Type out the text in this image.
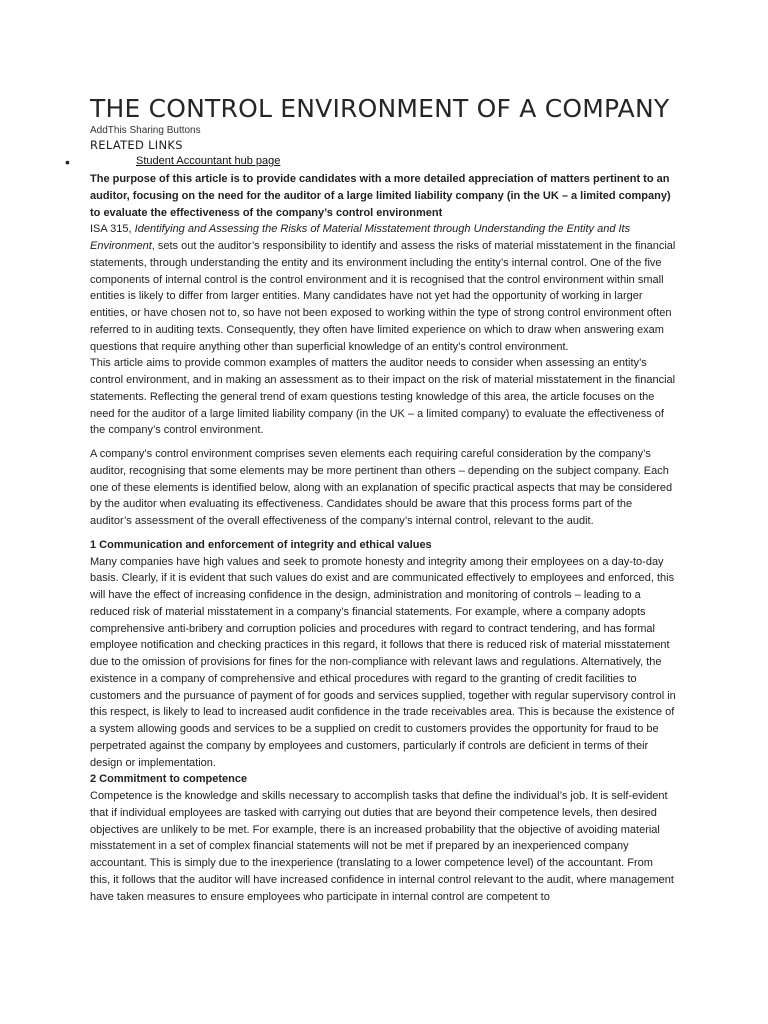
THE CONTROL ENVIRONMENT OF A COMPANY
AddThis Sharing Buttons
RELATED LINKS
•	Student Accountant hub page

The purpose of this article is to provide candidates with a more detailed appreciation of matters pertinent to an auditor, focusing on the need for the auditor of a large limited liability company (in the UK – a limited company) to evaluate the effectiveness of the company’s control environment

ISA 315, Identifying and Assessing the Risks of Material Misstatement through Understanding the Entity and Its Environment, sets out the auditor’s responsibility to identify and assess the risks of material misstatement in the financial statements, through understanding the entity and its environment including the entity’s internal control. One of the five components of internal control is the control environment and it is recognised that the control environment within small entities is likely to differ from larger entities. Many candidates have not yet had the opportunity of working in larger entities, or have chosen not to, so have not been exposed to working within the type of strong control environment often referred to in auditing texts. Consequently, they often have limited experience on which to draw when answering exam questions that require anything other than superficial knowledge of an entity’s control environment.

This article aims to provide common examples of matters the auditor needs to consider when assessing an entity’s control environment, and in making an assessment as to their impact on the risk of material misstatement in the financial statements. Reflecting the general trend of exam questions testing knowledge of this area, the article focuses on the need for the auditor of a large limited liability company (in the UK – a limited company) to evaluate the effectiveness of the company’s control environment.

A company’s control environment comprises seven elements each requiring careful consideration by the company’s auditor, recognising that some elements may be more pertinent than others – depending on the subject company. Each one of these elements is identified below, along with an explanation of specific practical aspects that may be considered by the auditor when evaluating its effectiveness. Candidates should be aware that this process forms part of the auditor’s assessment of the overall effectiveness of the company’s internal control, relevant to the audit.

1 Communication and enforcement of integrity and ethical values

Many companies have high values and seek to promote honesty and integrity among their employees on a day-to-day basis. Clearly, if it is evident that such values do exist and are communicated effectively to employees and enforced, this will have the effect of increasing confidence in the design, administration and monitoring of controls – leading to a reduced risk of material misstatement in a company’s financial statements. For example, where a company adopts comprehensive anti-bribery and corruption policies and procedures with regard to contract tendering, and has formal employee notification and checking practices in this regard, it follows that there is reduced risk of material misstatement due to the omission of provisions for fines for the non-compliance with relevant laws and regulations. Alternatively, the existence in a company of comprehensive and ethical procedures with regard to the granting of credit facilities to customers and the pursuance of payment of for goods and services supplied, together with regular supervisory control in this respect, is likely to lead to increased audit confidence in the trade receivables area. This is because the existence of a system allowing goods and services to be a supplied on credit to customers provides the opportunity for fraud to be perpetrated against the company by employees and customers, particularly if controls are deficient in terms of their design or implementation.

2 Commitment to competence

Competence is the knowledge and skills necessary to accomplish tasks that define the individual’s job. It is self-evident that if individual employees are tasked with carrying out duties that are beyond their competence levels, then desired objectives are unlikely to be met. For example, there is an increased probability that the objective of avoiding material misstatement in a set of complex financial statements will not be met if prepared by an inexperienced company accountant. This is simply due to the inexperience (translating to a lower competence level) of the accountant. From this, it follows that the auditor will have increased confidence in internal control relevant to the audit, where management have taken measures to ensure employees who participate in internal control are competent to
